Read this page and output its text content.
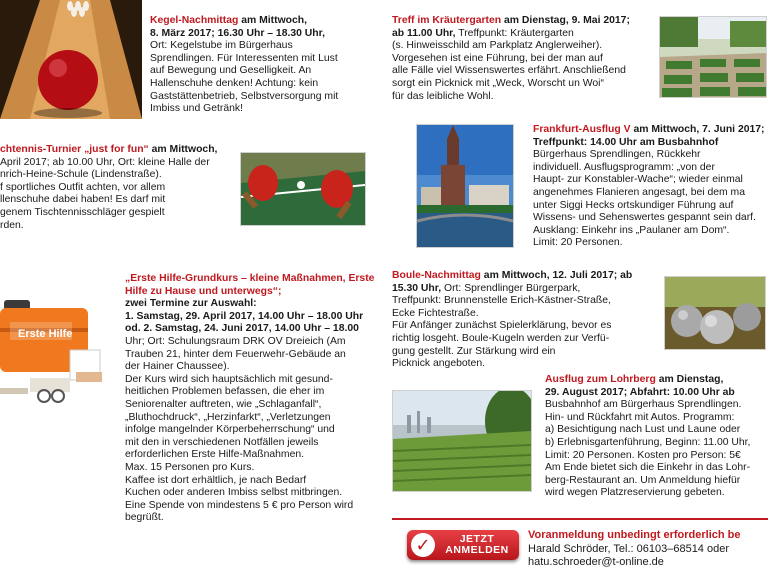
Erste Hilfe
Kegel-Nachmittag am Mittwoch,
8. März 2017; 16.30 Uhr – 18.30 Uhr,
Ort: Kegelstube im Bürgerhaus
Sprendlingen. Für Interessenten mit Lust
auf Bewegung und Geselligkeit. An
Hallenschuhe denken! Achtung: kein
Gaststättenbetrieb, Selbstversorgung mit
Imbiss und Getränk!
chtennis-Turnier „just for fun“ am Mittwoch,
April 2017; ab 10.00 Uhr, Ort: kleine Halle der
nrich-Heine-Schule (Lindenstraße).
f sportliches Outfit achten, vor allem
llenschuhe dabei haben! Es darf mit
genem Tischtennisschläger gespielt
rden.
„Erste Hilfe-Grundkurs – kleine Maßnahmen, Erste
Hilfe zu Hause und unterwegs“;
zwei Termine zur Auswahl:
1. Samstag, 29. April 2017, 14.00 Uhr – 18.00 Uhr
od. 2. Samstag, 24. Juni 2017, 14.00 Uhr – 18.00
Uhr; Ort: Schulungsraum DRK OV Dreieich (Am
Trauben 21, hinter dem Feuerwehr-Gebäude an
der Hainer Chaussee).
Der Kurs wird sich hauptsächlich mit gesund-
heitlichen Problemen befassen, die eher im
Seniorenalter auftreten, wie „Schlaganfall“,
„Bluthochdruck“, „Herzinfarkt“, „Verletzungen
infolge mangelnder Körperbeherrschung“ und
mit den in verschiedenen Notfällen jeweils
erforderlichen Erste Hilfe-Maßnahmen.
Max. 15 Personen pro Kurs.
Kaffee ist dort erhältlich, je nach Bedarf
Kuchen oder anderen Imbiss selbst mitbringen.
Eine Spende von mindestens 5 € pro Person wird
begrüßt.
Treff im Kräutergarten am Dienstag, 9. Mai 2017;
ab 11.00 Uhr, Treffpunkt: Kräutergarten
(s. Hinweisschild am Parkplatz Anglerweiher).
Vorgesehen ist eine Führung, bei der man auf
alle Fälle viel Wissenswertes erfährt. Anschließend
sorgt ein Picknick mit „Weck, Worscht un Woi“
für das leibliche Wohl.
Frankfurt-Ausflug V am Mittwoch, 7. Juni 2017;
Treffpunkt: 14.00 Uhr am Busbahnhof
Bürgerhaus Sprendlingen, Rückkehr
individuell. Ausflugsprogramm: „von der
Haupt- zur Konstabler-Wache“; wieder einmal
angenehmes Flanieren angesagt, bei dem ma
unter Siggi Hecks ortskundiger Führung auf
Wissens- und Sehenswertes gespannt sein darf.
Ausklang: Einkehr ins „Paulaner am Dom“.
Limit: 20 Personen.
Boule-Nachmittag am Mittwoch, 12. Juli 2017; ab
15.30 Uhr, Ort: Sprendlinger Bürgerpark,
Treffpunkt: Brunnenstelle Erich-Kästner-Straße,
Ecke Fichtestraße.
Für Anfänger zunächst Spielerklärung, bevor es
richtig losgeht. Boule-Kugeln werden zur Verfü-
gung gestellt. Zur Stärkung wird ein
Picknick angeboten.
Ausflug zum Lohrberg am Dienstag,
29. August 2017; Abfahrt: 10.00 Uhr ab
Busbahnhof am Bürgerhaus Sprendlingen.
Hin- und Rückfahrt mit Autos. Programm:
a) Besichtigung nach Lust und Laune oder
b) Erlebnisgartenführung, Beginn: 11.00 Uhr,
Limit: 20 Personen. Kosten pro Person: 5€
Am Ende bietet sich die Einkehr in das Lohr-
berg-Restaurant an. Um Anmeldung hiefür
wird wegen Platzreservierung gebeten.
✓	JETZT
ANMELDEN
Voranmeldung unbedingt erforderlich be
Harald Schröder, Tel.: 06103–68514 oder
hatu.schroeder@t-online.de
